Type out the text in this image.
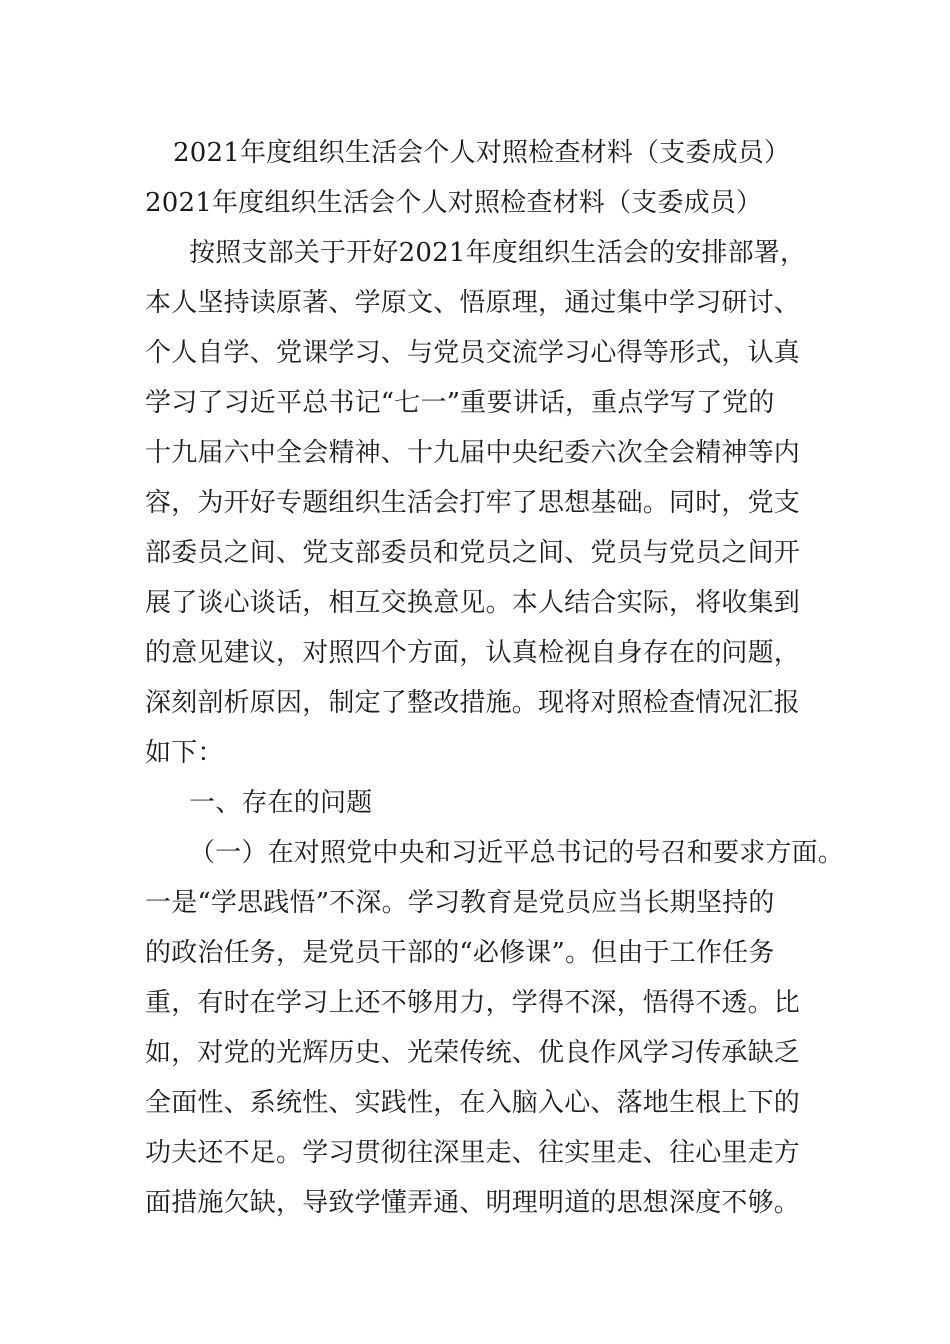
2021年度组织生活会个人对照检查材料（支委成员）
2021年度组织生活会个人对照检查材料（支委成员）
按照支部关于开好2021年度组织生活会的安排部署，
本人坚持读原著、学原文、悟原理，通过集中学习研讨、
个人自学、党课学习、与党员交流学习心得等形式，认真
学习了习近平总书记“七一”重要讲话，重点学写了党的
十九届六中全会精神、十九届中央纪委六次全会精神等内
容，为开好专题组织生活会打牢了思想基础。同时，党支
部委员之间、党支部委员和党员之间、党员与党员之间开
展了谈心谈话，相互交换意见。本人结合实际，将收集到
的意见建议，对照四个方面，认真检视自身存在的问题，
深刻剖析原因，制定了整改措施。现将对照检查情况汇报
如下：
一、存在的问题
（一）在对照党中央和习近平总书记的号召和要求方面。
一是“学思践悟”不深。学习教育是党员应当长期坚持的
的政治任务，是党员干部的“必修课”。但由于工作任务
重，有时在学习上还不够用力，学得不深，悟得不透。比
如，对党的光辉历史、光荣传统、优良作风学习传承缺乏
全面性、系统性、实践性，在入脑入心、落地生根上下的
功夫还不足。学习贯彻往深里走、往实里走、往心里走方
面措施欠缺，导致学懂弄通、明理明道的思想深度不够。
